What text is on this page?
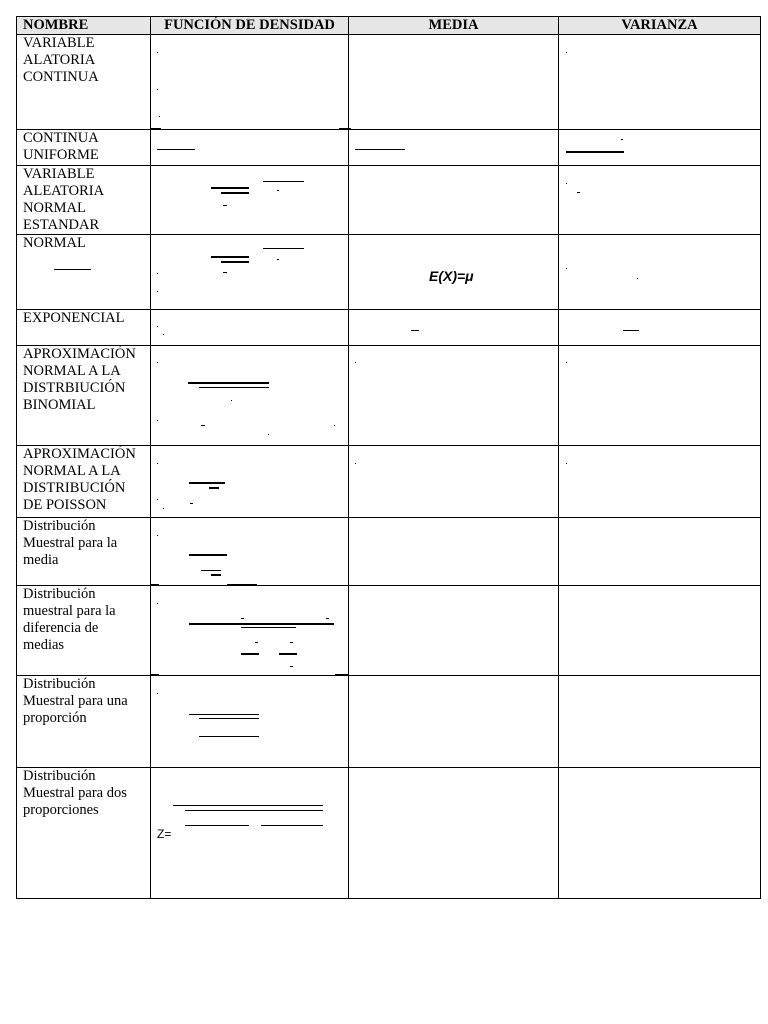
NOMBRE	FUNCIÓN DE DENSIDAD	MEDIA	VARIANZA

VARIABLE
ALATORIA
CONTINUA			

CONTINUA
UNIFORME			

VARIABLE
ALEATORIA
NORMAL
ESTANDAR			

NORMAL		E(X)=μ	

EXPONENCIAL			

APROXIMACIÓN
NORMAL A LA
DISTRBIUCIÓN
BINOMIAL			

APROXIMACIÓN
NORMAL A LA
DISTRIBUCIÓN
DE POISSON			

Distribución
Muestral para la
media			

Distribución
muestral para la
diferencia de
medias			

Distribución
Muestral para una
proporción			

Distribución
Muestral para dos
proporciones	Z=		
